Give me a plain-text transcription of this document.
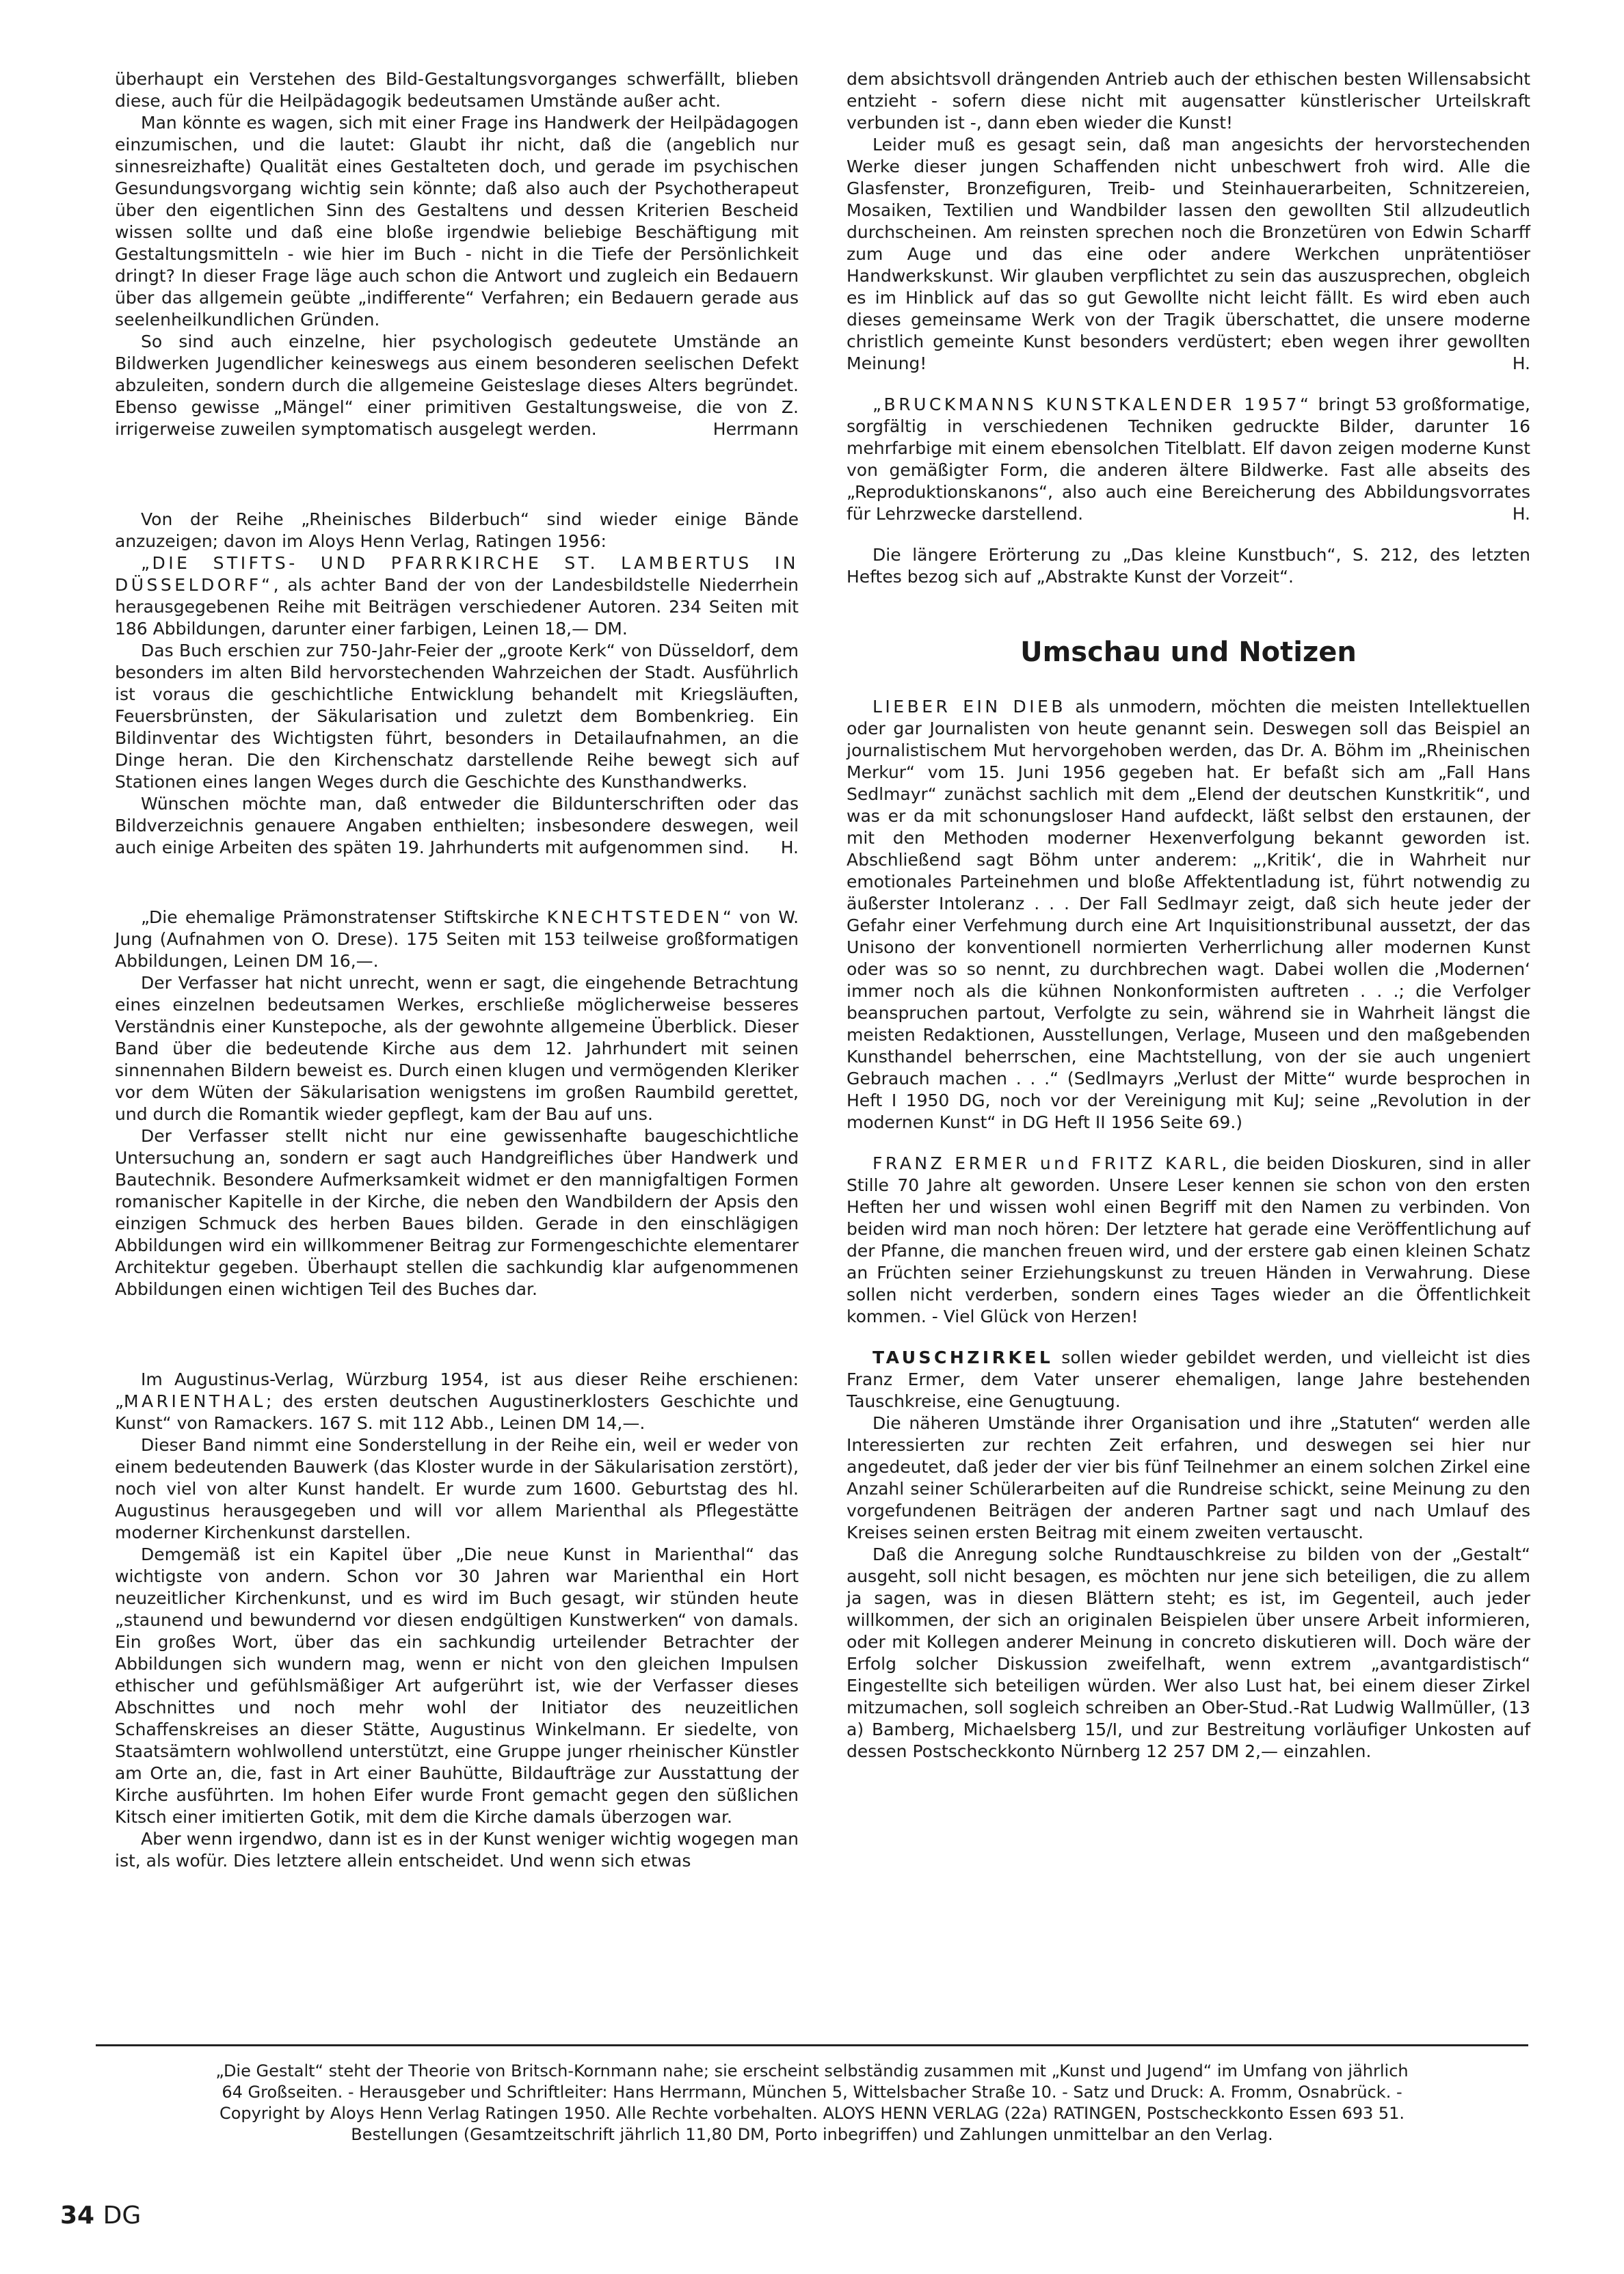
überhaupt ein Verstehen des Bild-Gestaltungsvorganges schwerfällt, blieben diese, auch für die Heilpädagogik bedeutsamen Umstände außer acht.

Man könnte es wagen, sich mit einer Frage ins Handwerk der Heilpädagogen einzumischen, und die lautet: Glaubt ihr nicht, daß die (angeblich nur sinnesreizhafte) Qualität eines Gestalteten doch, und gerade im psychischen Gesundungsvorgang wichtig sein könnte; daß also auch der Psychotherapeut über den eigentlichen Sinn des Gestaltens und dessen Kriterien Bescheid wissen sollte und daß eine bloße irgendwie beliebige Beschäftigung mit Gestaltungsmitteln - wie hier im Buch - nicht in die Tiefe der Persönlichkeit dringt? In dieser Frage läge auch schon die Antwort und zugleich ein Bedauern über das allgemein geübte „indifferente“ Verfahren; ein Bedauern gerade aus seelenheilkundlichen Gründen.

So sind auch einzelne, hier psychologisch gedeutete Umstände an Bildwerken Jugendlicher keineswegs aus einem besonderen seelischen Defekt abzuleiten, sondern durch die allgemeine Geisteslage dieses Alters begründet. Ebenso gewisse „Mängel“ einer primitiven Gestaltungsweise, die von Z. irrigerweise zuweilen symptomatisch ausgelegt werden.	Herrmann

Von der Reihe „Rheinisches Bilderbuch“ sind wieder einige Bände anzuzeigen; davon im Aloys Henn Verlag, Ratingen 1956:

„DIE STIFTS- UND PFARRKIRCHE ST. LAMBERTUS IN DÜSSELDORF“, als achter Band der von der Landesbildstelle Niederrhein herausgegebenen Reihe mit Beiträgen verschiedener Autoren. 234 Seiten mit 186 Abbildungen, darunter einer farbigen, Leinen 18,— DM.

Das Buch erschien zur 750-Jahr-Feier der „groote Kerk“ von Düsseldorf, dem besonders im alten Bild hervorstechenden Wahrzeichen der Stadt. Ausführlich ist voraus die geschichtliche Entwicklung behandelt mit Kriegsläuften, Feuersbrünsten, der Säkularisation und zuletzt dem Bombenkrieg. Ein Bildinventar des Wichtigsten führt, besonders in Detailaufnahmen, an die Dinge heran. Die den Kirchenschatz darstellende Reihe bewegt sich auf Stationen eines langen Weges durch die Geschichte des Kunsthandwerks.

Wünschen möchte man, daß entweder die Bildunterschriften oder das Bildverzeichnis genauere Angaben enthielten; insbesondere deswegen, weil auch einige Arbeiten des späten 19. Jahrhunderts mit aufgenommen sind.	H.

„Die ehemalige Prämonstratenser Stiftskirche KNECHTSTEDEN“ von W. Jung (Aufnahmen von O. Drese). 175 Seiten mit 153 teilweise großformatigen Abbildungen, Leinen DM 16,—.

Der Verfasser hat nicht unrecht, wenn er sagt, die eingehende Betrachtung eines einzelnen bedeutsamen Werkes, erschließe möglicherweise besseres Verständnis einer Kunstepoche, als der gewohnte allgemeine Überblick. Dieser Band über die bedeutende Kirche aus dem 12. Jahrhundert mit seinen sinnennahen Bildern beweist es. Durch einen klugen und vermögenden Kleriker vor dem Wüten der Säkularisation wenigstens im großen Raumbild gerettet, und durch die Romantik wieder gepflegt, kam der Bau auf uns.

Der Verfasser stellt nicht nur eine gewissenhafte baugeschichtliche Untersuchung an, sondern er sagt auch Handgreifliches über Handwerk und Bautechnik. Besondere Aufmerksamkeit widmet er den mannigfaltigen Formen romanischer Kapitelle in der Kirche, die neben den Wandbildern der Apsis den einzigen Schmuck des herben Baues bilden. Gerade in den einschlägigen Abbildungen wird ein willkommener Beitrag zur Formengeschichte elementarer Architektur gegeben. Überhaupt stellen die sachkundig klar aufgenommenen Abbildungen einen wichtigen Teil des Buches dar.

Im Augustinus-Verlag, Würzburg 1954, ist aus dieser Reihe erschienen: „MARIENTHAL; des ersten deutschen Augustinerklosters Geschichte und Kunst“ von Ramackers. 167 S. mit 112 Abb., Leinen DM 14,—.

Dieser Band nimmt eine Sonderstellung in der Reihe ein, weil er weder von einem bedeutenden Bauwerk (das Kloster wurde in der Säkularisation zerstört), noch viel von alter Kunst handelt. Er wurde zum 1600. Geburtstag des hl. Augustinus herausgegeben und will vor allem Marienthal als Pflegestätte moderner Kirchenkunst darstellen.

Demgemäß ist ein Kapitel über „Die neue Kunst in Marienthal“ das wichtigste von andern. Schon vor 30 Jahren war Marienthal ein Hort neuzeitlicher Kirchenkunst, und es wird im Buch gesagt, wir stünden heute „staunend und bewundernd vor diesen endgültigen Kunstwerken“ von damals. Ein großes Wort, über das ein sachkundig urteilender Betrachter der Abbildungen sich wundern mag, wenn er nicht von den gleichen Impulsen ethischer und gefühlsmäßiger Art aufgerührt ist, wie der Verfasser dieses Abschnittes und noch mehr wohl der Initiator des neuzeitlichen Schaffenskreises an dieser Stätte, Augustinus Winkelmann. Er siedelte, von Staatsämtern wohlwollend unterstützt, eine Gruppe junger rheinischer Künstler am Orte an, die, fast in Art einer Bauhütte, Bildaufträge zur Ausstattung der Kirche ausführten. Im hohen Eifer wurde Front gemacht gegen den süßlichen Kitsch einer imitierten Gotik, mit dem die Kirche damals überzogen war.

Aber wenn irgendwo, dann ist es in der Kunst weniger wichtig wogegen man ist, als wofür. Dies letztere allein entscheidet. Und wenn sich etwas

dem absichtsvoll drängenden Antrieb auch der ethischen besten Willensabsicht entzieht - sofern diese nicht mit augensatter künstlerischer Urteilskraft verbunden ist -, dann eben wieder die Kunst!

Leider muß es gesagt sein, daß man angesichts der hervorstechenden Werke dieser jungen Schaffenden nicht unbeschwert froh wird. Alle die Glasfenster, Bronzefiguren, Treib- und Steinhauerarbeiten, Schnitzereien, Mosaiken, Textilien und Wandbilder lassen den gewollten Stil allzudeutlich durchscheinen. Am reinsten sprechen noch die Bronzetüren von Edwin Scharff zum Auge und das eine oder andere Werkchen unprätentiöser Handwerkskunst. Wir glauben verpflichtet zu sein das auszusprechen, obgleich es im Hinblick auf das so gut Gewollte nicht leicht fällt. Es wird eben auch dieses gemeinsame Werk von der Tragik überschattet, die unsere moderne christlich gemeinte Kunst besonders verdüstert; eben wegen ihrer gewollten Meinung!	H.

„BRUCKMANNS KUNSTKALENDER 1957“ bringt 53 großformatige, sorgfältig in verschiedenen Techniken gedruckte Bilder, darunter 16 mehrfarbige mit einem ebensolchen Titelblatt. Elf davon zeigen moderne Kunst von gemäßigter Form, die anderen ältere Bildwerke. Fast alle abseits des „Reproduktionskanons“, also auch eine Bereicherung des Abbildungsvorrates für Lehrzwecke darstellend.	H.

Die längere Erörterung zu „Das kleine Kunstbuch“, S. 212, des letzten Heftes bezog sich auf „Abstrakte Kunst der Vorzeit“.

Umschau und Notizen

LIEBER EIN DIEB als unmodern, möchten die meisten Intellektuellen oder gar Journalisten von heute genannt sein. Deswegen soll das Beispiel an journalistischem Mut hervorgehoben werden, das Dr. A. Böhm im „Rheinischen Merkur“ vom 15. Juni 1956 gegeben hat. Er befaßt sich am „Fall Hans Sedlmayr“ zunächst sachlich mit dem „Elend der deutschen Kunstkritik“, und was er da mit schonungsloser Hand aufdeckt, läßt selbst den erstaunen, der mit den Methoden moderner Hexenverfolgung bekannt geworden ist. Abschließend sagt Böhm unter anderem: „‚Kritik‘, die in Wahrheit nur emotionales Parteinehmen und bloße Affektentladung ist, führt notwendig zu äußerster Intoleranz . . . Der Fall Sedlmayr zeigt, daß sich heute jeder der Gefahr einer Verfehmung durch eine Art Inquisitionstribunal aussetzt, der das Unisono der konventionell normierten Verherrlichung aller modernen Kunst oder was so so nennt, zu durchbrechen wagt. Dabei wollen die ‚Modernen‘ immer noch als die kühnen Nonkonformisten auftreten . . .; die Verfolger beanspruchen partout, Verfolgte zu sein, während sie in Wahrheit längst die meisten Redaktionen, Ausstellungen, Verlage, Museen und den maßgebenden Kunsthandel beherrschen, eine Machtstellung, von der sie auch ungeniert Gebrauch machen . . .“ (Sedlmayrs „Verlust der Mitte“ wurde besprochen in Heft I 1950 DG, noch vor der Vereinigung mit KuJ; seine „Revolution in der modernen Kunst“ in DG Heft II 1956 Seite 69.)

FRANZ ERMER und FRITZ KARL, die beiden Dioskuren, sind in aller Stille 70 Jahre alt geworden. Unsere Leser kennen sie schon von den ersten Heften her und wissen wohl einen Begriff mit den Namen zu verbinden. Von beiden wird man noch hören: Der letztere hat gerade eine Veröffentlichung auf der Pfanne, die manchen freuen wird, und der erstere gab einen kleinen Schatz an Früchten seiner Erziehungskunst zu treuen Händen in Verwahrung. Diese sollen nicht verderben, sondern eines Tages wieder an die Öffentlichkeit kommen. - Viel Glück von Herzen!

TAUSCHZIRKEL sollen wieder gebildet werden, und vielleicht ist dies Franz Ermer, dem Vater unserer ehemaligen, lange Jahre bestehenden Tauschkreise, eine Genugtuung.

Die näheren Umstände ihrer Organisation und ihre „Statuten“ werden alle Interessierten zur rechten Zeit erfahren, und deswegen sei hier nur angedeutet, daß jeder der vier bis fünf Teilnehmer an einem solchen Zirkel eine Anzahl seiner Schülerarbeiten auf die Rundreise schickt, seine Meinung zu den vorgefundenen Beiträgen der anderen Partner sagt und nach Umlauf des Kreises seinen ersten Beitrag mit einem zweiten vertauscht.

Daß die Anregung solche Rundtauschkreise zu bilden von der „Gestalt“ ausgeht, soll nicht besagen, es möchten nur jene sich beteiligen, die zu allem ja sagen, was in diesen Blättern steht; es ist, im Gegenteil, auch jeder willkommen, der sich an originalen Beispielen über unsere Arbeit informieren, oder mit Kollegen anderer Meinung in concreto diskutieren will. Doch wäre der Erfolg solcher Diskussion zweifelhaft, wenn extrem „avantgardistisch“ Eingestellte sich beteiligen würden. Wer also Lust hat, bei einem dieser Zirkel mitzumachen, soll sogleich schreiben an Ober-Stud.-Rat Ludwig Wallmüller, (13 a) Bamberg, Michaelsberg 15/I, und zur Bestreitung vorläufiger Unkosten auf dessen Postscheckkonto Nürnberg 12 257 DM 2,— einzahlen.

„Die Gestalt“ steht der Theorie von Britsch-Kornmann nahe; sie erscheint selbständig zusammen mit „Kunst und Jugend“ im Umfang von jährlich

64 Großseiten. - Herausgeber und Schriftleiter: Hans Herrmann, München 5, Wittelsbacher Straße 10. - Satz und Druck: A. Fromm, Osnabrück. -

Copyright by Aloys Henn Verlag Ratingen 1950. Alle Rechte vorbehalten. ALOYS HENN VERLAG (22a) RATINGEN, Postscheckkonto Essen 693 51.

Bestellungen (Gesamtzeitschrift jährlich 11,80 DM, Porto inbegriffen) und Zahlungen unmittelbar an den Verlag.

34 DG
